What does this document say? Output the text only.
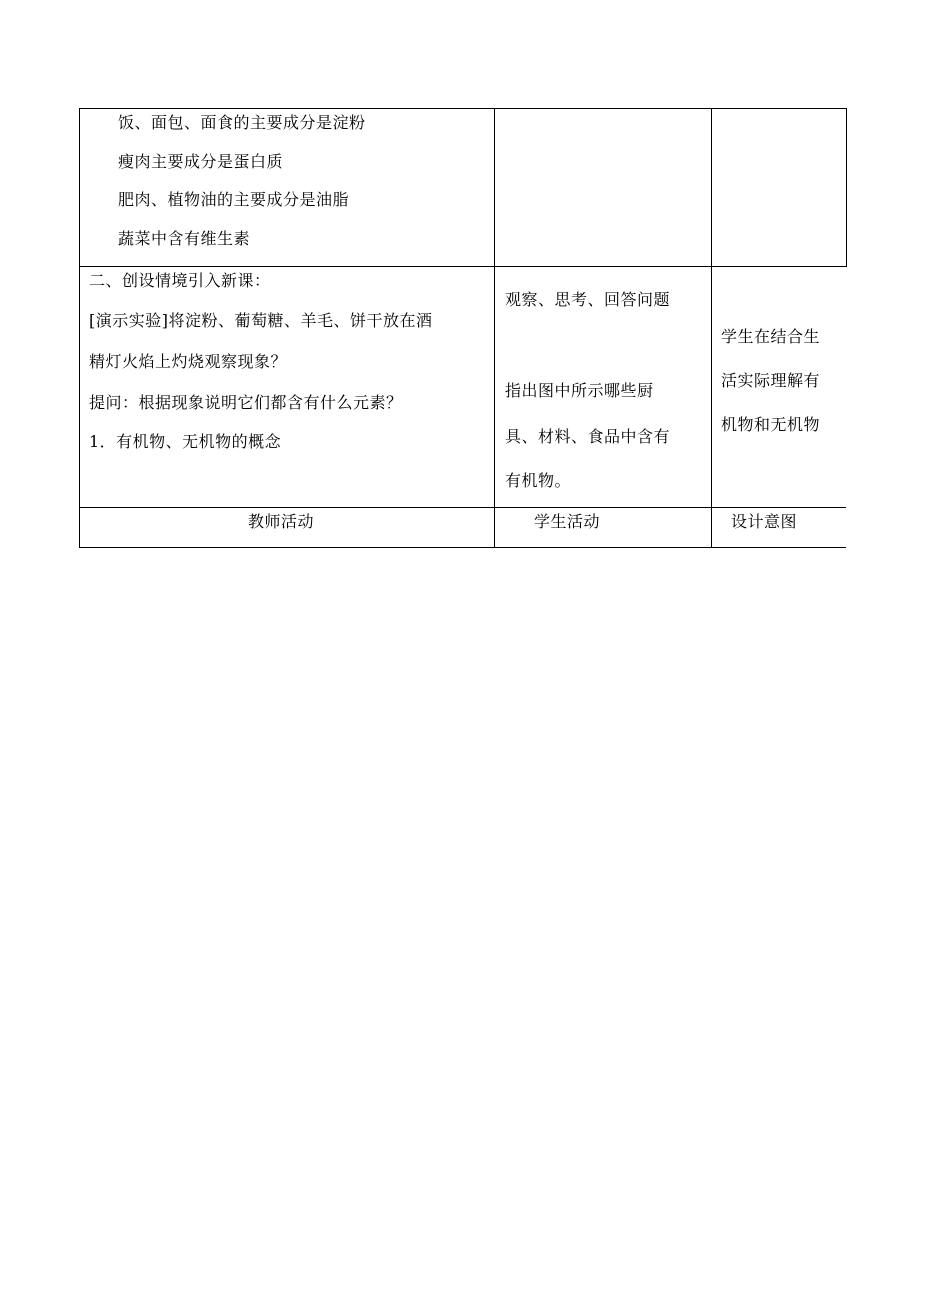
饭、面包、面食的主要成分是淀粉
瘦肉主要成分是蛋白质
肥肉、植物油的主要成分是油脂
蔬菜中含有维生素
二、创设情境引入新课：
[演示实验]将淀粉、葡萄糖、羊毛、饼干放在酒
精灯火焰上灼烧观察现象？
提问：根据现象说明它们都含有什么元素？
1．有机物、无机物的概念
观察、思考、回答问题
指出图中所示哪些厨
具、材料、食品中含有
有机物。
学生在结合生
活实际理解有
机物和无机物
教师活动	学生活动	设计意图
